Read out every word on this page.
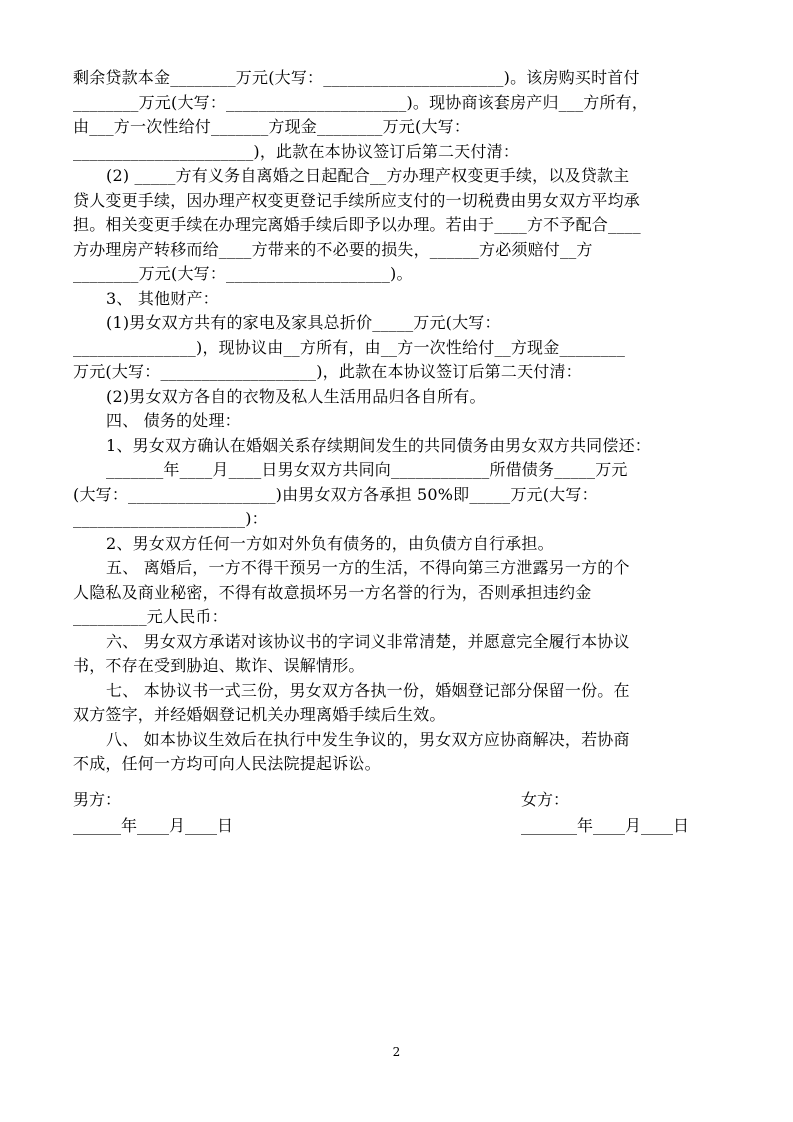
剩余贷款本金________万元(大写：______________________)。该房购买时首付
________万元(大写：______________________)。现协商该套房产归___方所有，
由___方一次性给付_______方现金________万元(大写：
______________________)，此款在本协议签订后第二天付清：
(2) _____方有义务自离婚之日起配合__方办理产权变更手续，以及贷款主
贷人变更手续，因办理产权变更登记手续所应支付的一切税费由男女双方平均承
担。相关变更手续在办理完离婚手续后即予以办理。若由于____方不予配合____
方办理房产转移而给____方带来的不必要的损失，______方必须赔付__方
________万元(大写：____________________)。
3、 其他财产：
(1)男女双方共有的家电及家具总折价_____万元(大写：
_______________)，现协议由__方所有，由__方一次性给付__方现金________
万元(大写：___________________)，此款在本协议签订后第二天付清：
(2)男女双方各自的衣物及私人生活用品归各自所有。
四、 债务的处理：
1、男女双方确认在婚姻关系存续期间发生的共同债务由男女双方共同偿还：
_______年____月____日男女双方共同向____________所借债务_____万元
(大写：__________________)由男女双方各承担 50%即_____万元(大写：
_____________________)：
2、男女双方任何一方如对外负有债务的，由负债方自行承担。
五、 离婚后，一方不得干预另一方的生活，不得向第三方泄露另一方的个
人隐私及商业秘密，不得有故意损坏另一方名誉的行为，否则承担违约金
_________元人民币：
六、 男女双方承诺对该协议书的字词义非常清楚，并愿意完全履行本协议
书，不存在受到胁迫、欺诈、误解情形。
七、 本协议书一式三份，男女双方各执一份，婚姻登记部分保留一份。在
双方签字，并经婚姻登记机关办理离婚手续后生效。
八、 如本协议生效后在执行中发生争议的，男女双方应协商解决，若协商
不成，任何一方均可向人民法院提起诉讼。
男方：	女方：
______年____月____日	_______年____月____日
2
